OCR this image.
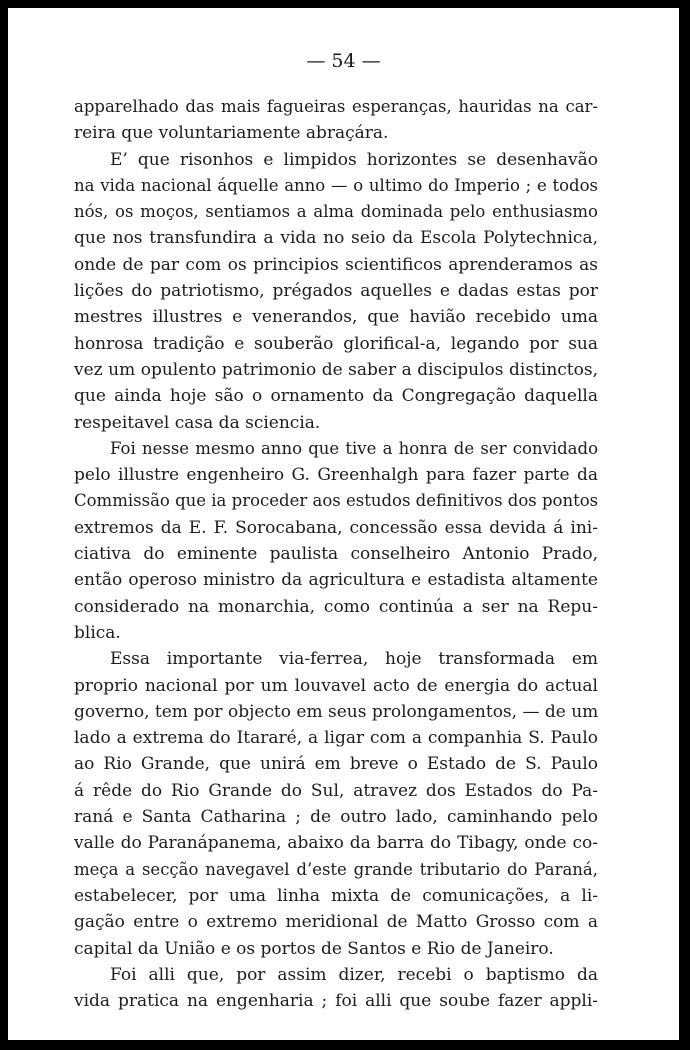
— 54 —

apparelhado das mais fagueiras esperanças, hauridas na car-
reira que voluntariamente abraçára.
E’ que risonhos e limpidos horizontes se desenhavão
na vida nacional áquelle anno — o ultimo do Imperio ; e todos
nós, os moços, sentiamos a alma dominada pelo enthusiasmo
que nos transfundira a vida no seio da Escola Polytechnica,
onde de par com os principios scientificos aprenderamos as
lições do patriotismo, prégados aquelles e dadas estas por
mestres illustres e venerandos, que havião recebido uma
honrosa tradição e souberão glorifical-a, legando por sua
vez um opulento patrimonio de saber a discipulos distinctos,
que ainda hoje são o ornamento da Congregação daquella
respeitavel casa da sciencia.
Foi nesse mesmo anno que tive a honra de ser convidado
pelo illustre engenheiro G. Greenhalgh para fazer parte da
Commissão que ia proceder aos estudos definitivos dos pontos
extremos da E. F. Sorocabana, concessão essa devida á ini-
ciativa do eminente paulista conselheiro Antonio Prado,
então operoso ministro da agricultura e estadista altamente
considerado na monarchia, como continúa a ser na Repu-
blica.
Essa importante via-ferrea, hoje transformada em
proprio nacional por um louvavel acto de energia do actual
governo, tem por objecto em seus prolongamentos, — de um
lado a extrema do Itararé, a ligar com a companhia S. Paulo
ao Rio Grande, que unirá em breve o Estado de S. Paulo
á rêde do Rio Grande do Sul, atravez dos Estados do Pa-
raná e Santa Catharina ; de outro lado, caminhando pelo
valle do Paranápanema, abaixo da barra do Tibagy, onde co-
meça a secção navegavel d’este grande tributario do Paraná,
estabelecer, por uma linha mixta de comunicações, a li-
gação entre o extremo meridional de Matto Grosso com a
capital da União e os portos de Santos e Rio de Janeiro.
Foi alli que, por assim dizer, recebi o baptismo da
vida pratica na engenharia ; foi alli que soube fazer appli-
